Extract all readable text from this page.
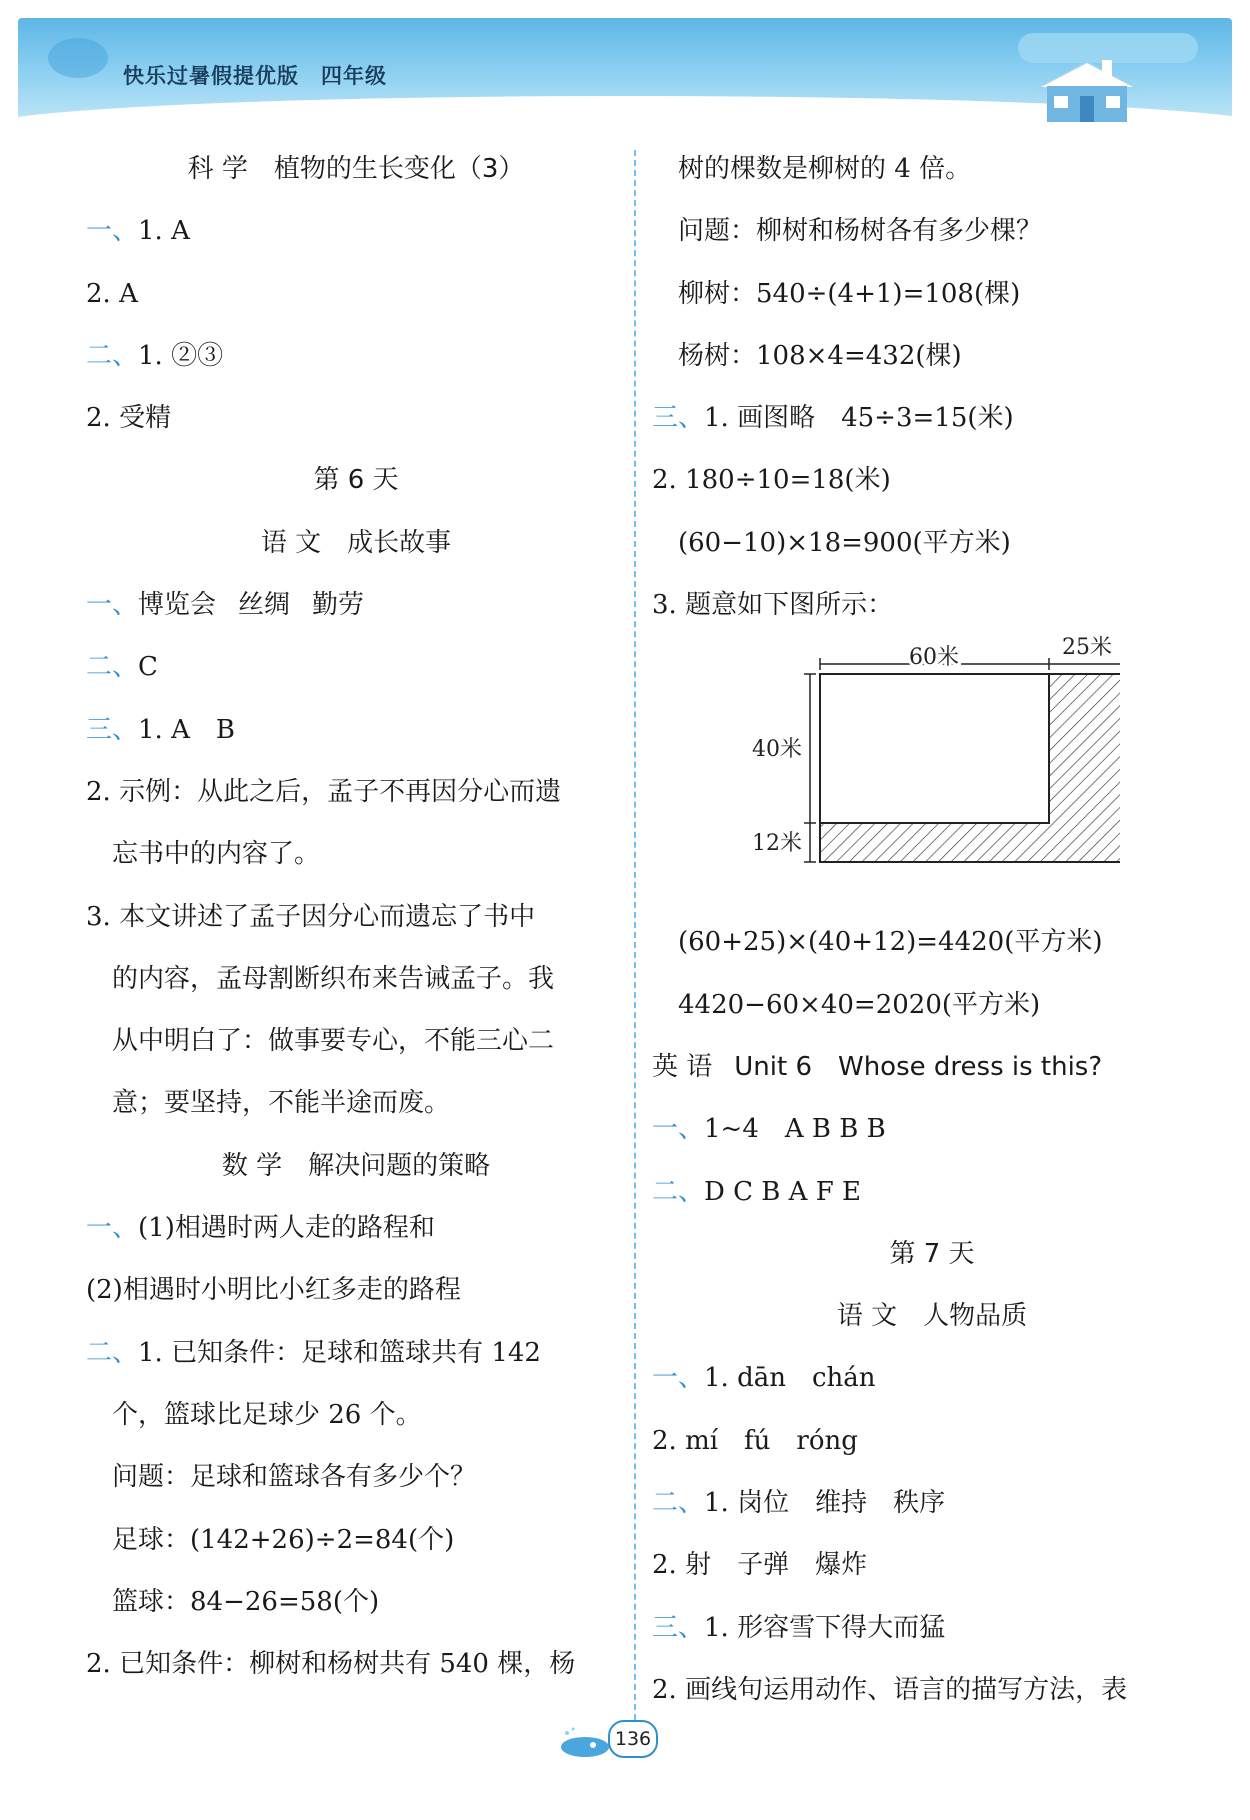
快乐过暑假提优版 四年级
科 学　植物的生长变化（3）
一、1. A
2. A
二、1. ②③
2. 受精
第 6 天
语 文　成长故事
一、博览会 丝绸 勤劳
二、C
三、1. A　B
2. 示例：从此之后，孟子不再因分心而遗
忘书中的内容了。
3. 本文讲述了孟子因分心而遗忘了书中
的内容，孟母割断织布来告诫孟子。我
从中明白了：做事要专心，不能三心二
意；要坚持，不能半途而废。
数 学　解决问题的策略
一、(1)相遇时两人走的路程和
(2)相遇时小明比小红多走的路程
二、1. 已知条件：足球和篮球共有 142
个，篮球比足球少 26 个。
问题：足球和篮球各有多少个？
足球：(142+26)÷2=84(个)
篮球：84−26=58(个)
2. 已知条件：柳树和杨树共有 540 棵，杨
树的棵数是柳树的 4 倍。
问题：柳树和杨树各有多少棵？
柳树：540÷(4+1)=108(棵)
杨树：108×4=432(棵)
三、1. 画图略　45÷3=15(米)
2. 180÷10=18(米)
(60−10)×18=900(平方米)
3. 题意如下图所示：
60米	25米
40米
12米
(60+25)×(40+12)=4420(平方米)
4420−60×40=2020(平方米)
英 语 Unit 6　Whose dress is this?
一、1~4　A B B B
二、D C B A F E
第 7 天
语 文　人物品质
一、1. dān　chán
2. mí　fú　róng
二、1. 岗位　维持　秩序
2. 射　子弹　爆炸
三、1. 形容雪下得大而猛
2. 画线句运用动作、语言的描写方法，表
136
